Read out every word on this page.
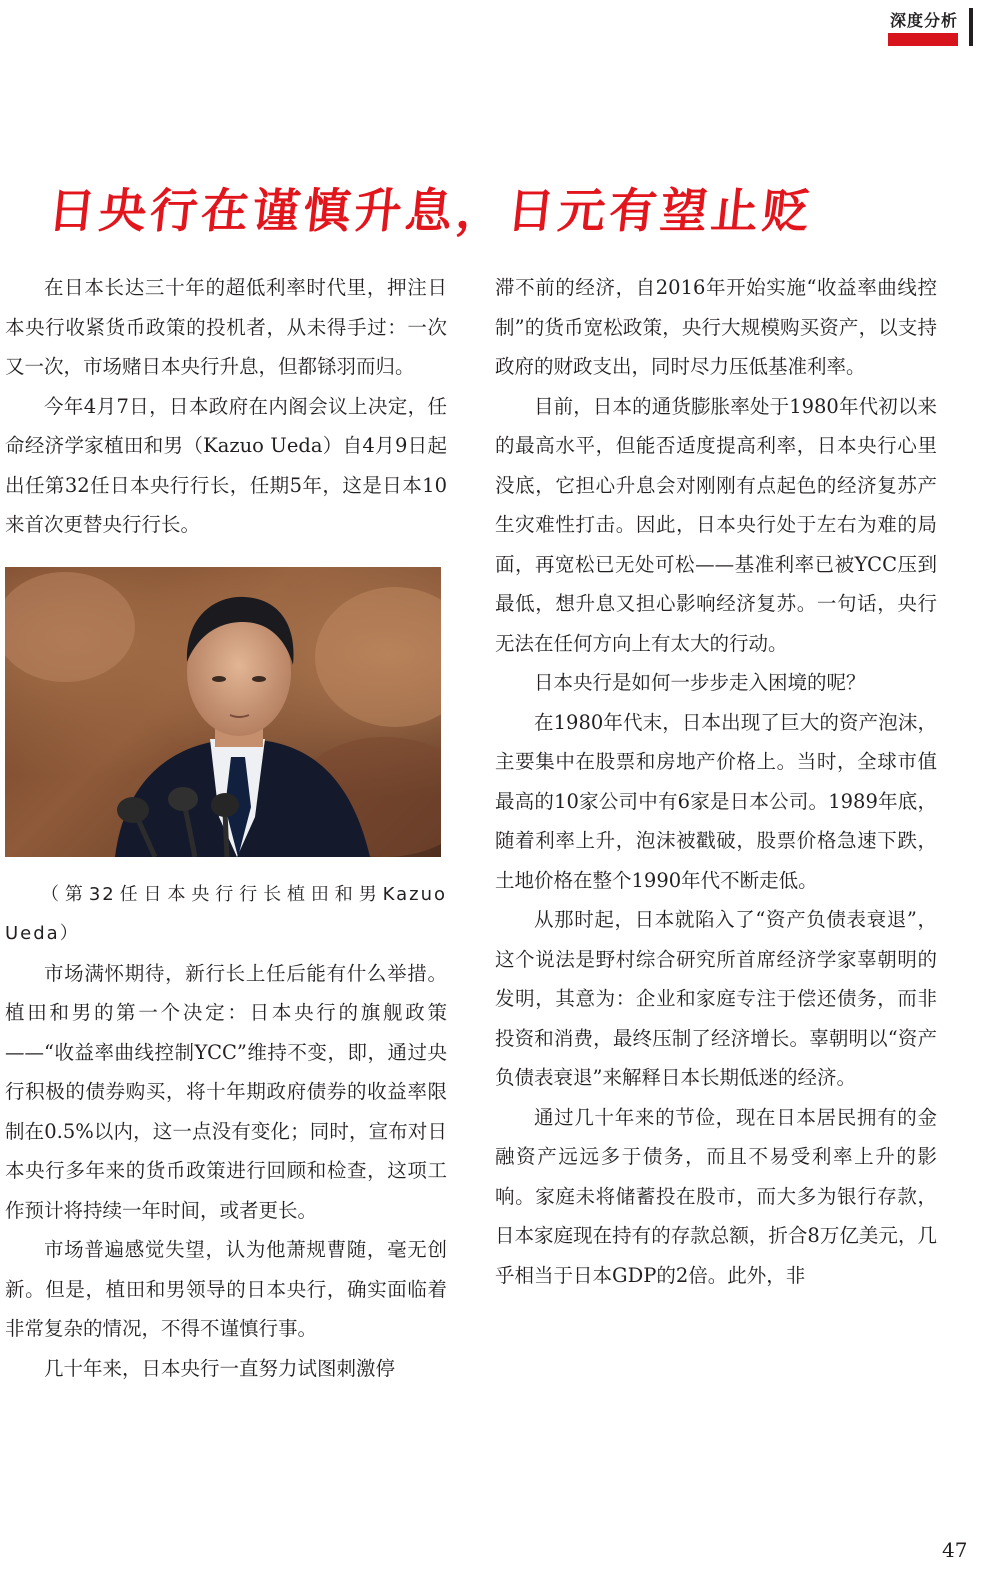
深度分析
日央行在谨慎升息，日元有望止贬

在日本长达三十年的超低利率时代里，押注日本央行收紧货币政策的投机者，从未得手过：一次又一次，市场赌日本央行升息，但都铩羽而归。

今年4月7日，日本政府在内阁会议上决定，任命经济学家植田和男（Kazuo Ueda）自4月9日起出任第32任日本央行行长，任期5年，这是日本10来首次更替央行行长。

（第32任日本央行行长植田和男Kazuo Ueda）

市场满怀期待，新行长上任后能有什么举措。植田和男的第一个决定：日本央行的旗舰政策——“收益率曲线控制YCC”维持不变，即，通过央行积极的债券购买，将十年期政府债券的收益率限制在0.5%以内，这一点没有变化；同时，宣布对日本央行多年来的货币政策进行回顾和检查，这项工作预计将持续一年时间，或者更长。

市场普遍感觉失望，认为他萧规曹随，毫无创新。但是，植田和男领导的日本央行，确实面临着非常复杂的情况，不得不谨慎行事。

几十年来，日本央行一直努力试图刺激停

滞不前的经济，自2016年开始实施“收益率曲线控制”的货币宽松政策，央行大规模购买资产，以支持政府的财政支出，同时尽力压低基准利率。

目前，日本的通货膨胀率处于1980年代初以来的最高水平，但能否适度提高利率，日本央行心里没底，它担心升息会对刚刚有点起色的经济复苏产生灾难性打击。因此，日本央行处于左右为难的局面，再宽松已无处可松——基准利率已被YCC压到最低，想升息又担心影响经济复苏。一句话，央行无法在任何方向上有太大的行动。

日本央行是如何一步步走入困境的呢？

在1980年代末，日本出现了巨大的资产泡沫，主要集中在股票和房地产价格上。当时，全球市值最高的10家公司中有6家是日本公司。1989年底，随着利率上升，泡沫被戳破，股票价格急速下跌，土地价格在整个1990年代不断走低。

从那时起，日本就陷入了“资产负债表衰退”，这个说法是野村综合研究所首席经济学家辜朝明的发明，其意为：企业和家庭专注于偿还债务，而非投资和消费，最终压制了经济增长。辜朝明以“资产负债表衰退”来解释日本长期低迷的经济。

通过几十年来的节俭，现在日本居民拥有的金融资产远远多于债务，而且不易受利率上升的影响。家庭未将储蓄投在股市，而大多为银行存款，日本家庭现在持有的存款总额，折合8万亿美元，几乎相当于日本GDP的2倍。此外，非

47
